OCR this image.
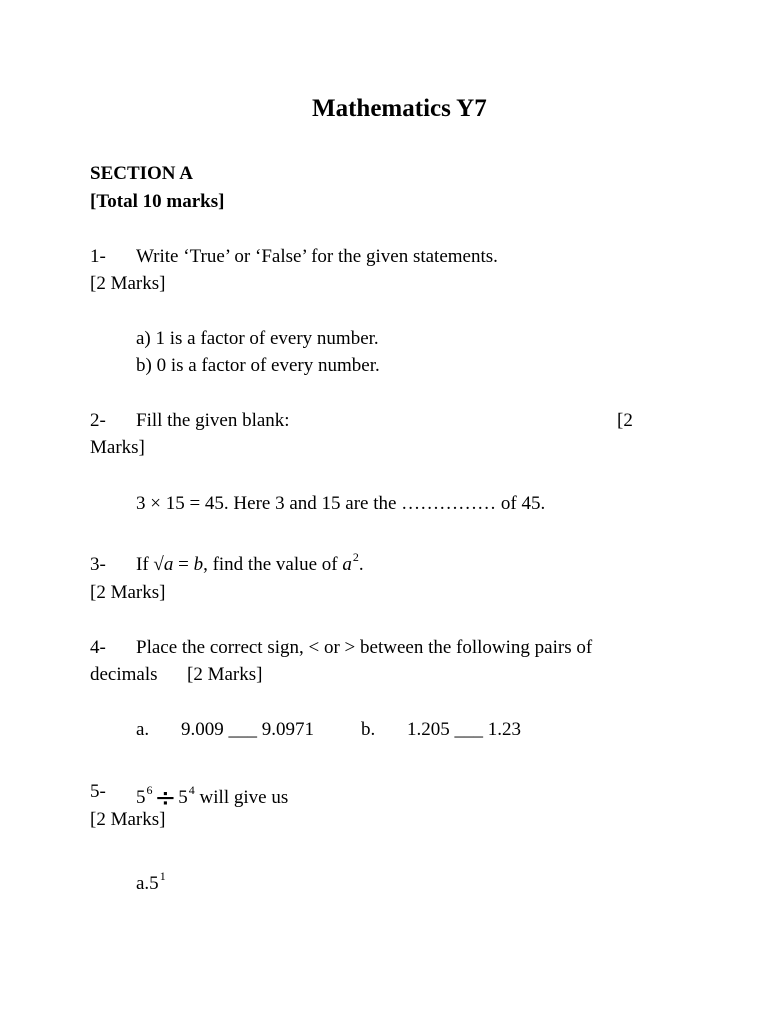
Mathematics Y7
SECTION A
[Total 10 marks]
1- Write ‘True’ or ‘False’ for the given statements.
[2 Marks]
a) 1 is a factor of every number.
b) 0 is a factor of every number.
2- Fill the given blank:	[2
Marks]
3 × 15 = 45. Here 3 and 15 are the …………… of 45.
3- If √a = b, find the value of $a^2$.
[2 Marks]
4- Place the correct sign, < or > between the following pairs of
decimals [2 Marks]
a. 9.009 ___ 9.0971 b. 1.205 ___ 1.23
5- $5^6\div 5^4$ will give us
[2 Marks]
$a.5^1$
